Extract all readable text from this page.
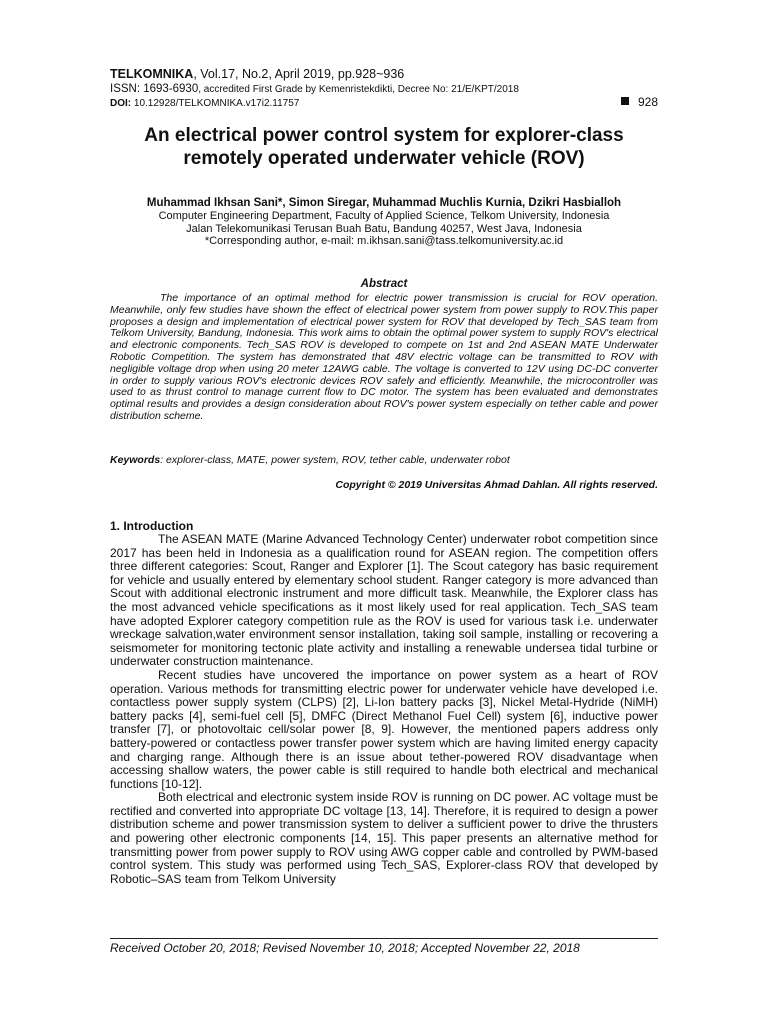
TELKOMNIKA, Vol.17, No.2, April 2019, pp.928~936
ISSN: 1693-6930, accredited First Grade by Kemenristekdikti, Decree No: 21/E/KPT/2018
DOI: 10.12928/TELKOMNIKA.v17i2.11757	928
An electrical power control system for explorer-class
remotely operated underwater vehicle (ROV)
Muhammad Ikhsan Sani*, Simon Siregar, Muhammad Muchlis Kurnia, Dzikri Hasbialloh
Computer Engineering Department, Faculty of Applied Science, Telkom University, Indonesia
Jalan Telekomunikasi Terusan Buah Batu, Bandung 40257, West Java, Indonesia
*Corresponding author, e-mail: m.ikhsan.sani@tass.telkomuniversity.ac.id
Abstract

The importance of an optimal method for electric power transmission is crucial for ROV operation. Meanwhile, only few studies have shown the effect of electrical power system from power supply to ROV.This paper proposes a design and implementation of electrical power system for ROV that developed by Tech_SAS team from Telkom University, Bandung, Indonesia. This work aims to obtain the optimal power system to supply ROV's electrical and electronic components. Tech_SAS ROV is developed to compete on 1st and 2nd ASEAN MATE Underwater Robotic Competition. The system has demonstrated that 48V electric voltage can be transmitted to ROV with negligible voltage drop when using 20 meter 12AWG cable. The voltage is converted to 12V using DC-DC converter in order to supply various ROV's electronic devices ROV safely and efficiently. Meanwhile, the microcontroller was used to as thrust control to manage current flow to DC motor. The system has been evaluated and demonstrates optimal results and provides a design consideration about ROV's power system especially on tether cable and power distribution scheme.

Keywords: explorer-class, MATE, power system, ROV, tether cable, underwater robot
Copyright © 2019 Universitas Ahmad Dahlan. All rights reserved.
1. Introduction

The ASEAN MATE (Marine Advanced Technology Center) underwater robot competition since 2017 has been held in Indonesia as a qualification round for ASEAN region. The competition offers three different categories: Scout, Ranger and Explorer [1]. The Scout category has basic requirement for vehicle and usually entered by elementary school student. Ranger category is more advanced than Scout with additional electronic instrument and more difficult task. Meanwhile, the Explorer class has the most advanced vehicle specifications as it most likely used for real application. Tech_SAS team have adopted Explorer category competition rule as the ROV is used for various task i.e. underwater wreckage salvation,water environment sensor installation, taking soil sample, installing or recovering a seismometer for monitoring tectonic plate activity and installing a renewable undersea tidal turbine or underwater construction maintenance.

Recent studies have uncovered the importance on power system as a heart of ROV operation. Various methods for transmitting electric power for underwater vehicle have developed i.e. contactless power supply system (CLPS) [2], Li-Ion battery packs [3], Nickel Metal-Hydride (NiMH) battery packs [4], semi-fuel cell [5], DMFC (Direct Methanol Fuel Cell) system [6], inductive power transfer [7], or photovoltaic cell/solar power [8, 9]. However, the mentioned papers address only battery-powered or contactless power transfer power system which are having limited energy capacity and charging range. Although there is an issue about tether-powered ROV disadvantage when accessing shallow waters, the power cable is still required to handle both electrical and mechanical functions [10-12].

Both electrical and electronic system inside ROV is running on DC power. AC voltage must be rectified and converted into appropriate DC voltage [13, 14]. Therefore, it is required to design a power distribution scheme and power transmission system to deliver a sufficient power to drive the thrusters and powering other electronic components [14, 15]. This paper presents an alternative method for transmitting power from power supply to ROV using AWG copper cable and controlled by PWM-based control system. This study was performed using Tech_SAS, Explorer-class ROV that developed by Robotic–SAS team from Telkom University

Received October 20, 2018; Revised November 10, 2018; Accepted November 22, 2018
